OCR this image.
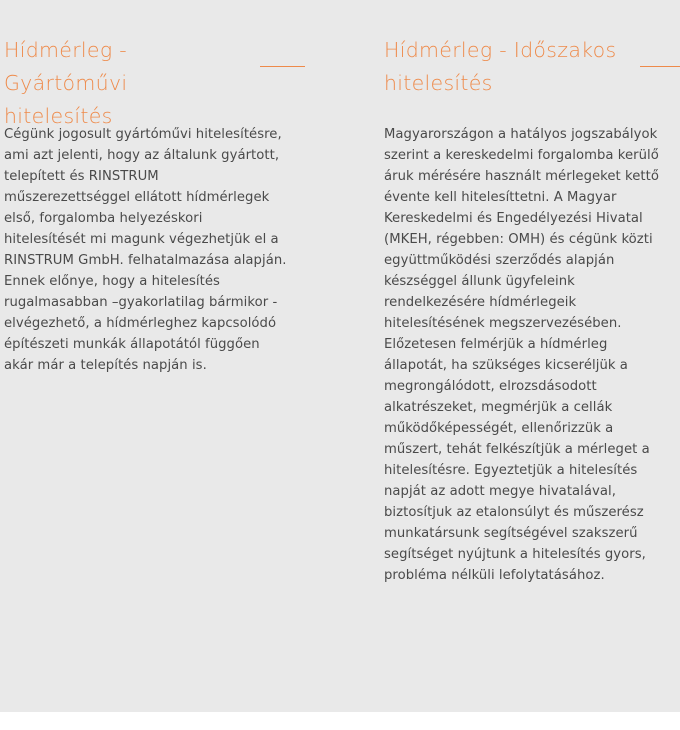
Hídmérleg - Gyártóművi
hitelesítés

Cégünk jogosult gyártóművi hitelesítésre,
ami azt jelenti, hogy az általunk gyártott,
telepített és RINSTRUM
műszerezettséggel ellátott hídmérlegek
első, forgalomba helyezéskori
hitelesítését mi magunk végezhetjük el a
RINSTRUM GmbH. felhatalmazása alapján.
Ennek előnye, hogy a hitelesítés
rugalmasabban –gyakorlatilag bármikor -
elvégezhető, a hídmérleghez kapcsolódó
építészeti munkák állapotától függően
akár már a telepítés napján is.

Hídmérleg - Időszakos
hitelesítés

Magyarországon a hatályos jogszabályok
szerint a kereskedelmi forgalomba kerülő
áruk mérésére használt mérlegeket kettő
évente kell hitelesíttetni. A Magyar
Kereskedelmi és Engedélyezési Hivatal
(MKEH, régebben: OMH) és cégünk közti
együttműködési szerződés alapján
készséggel állunk ügyfeleink
rendelkezésére hídmérlegeik
hitelesítésének megszervezésében.
Előzetesen felmérjük a hídmérleg
állapotát, ha szükséges kicseréljük a
megrongálódott, elrozsdásodott
alkatrészeket, megmérjük a cellák
működőképességét, ellenőrizzük a
műszert, tehát felkészítjük a mérleget a
hitelesítésre. Egyeztetjük a hitelesítés
napját az adott megye hivatalával,
biztosítjuk az etalonsúlyt és műszerész
munkatársunk segítségével szakszerű
segítséget nyújtunk a hitelesítés gyors,
probléma nélküli lefolytatásához.
